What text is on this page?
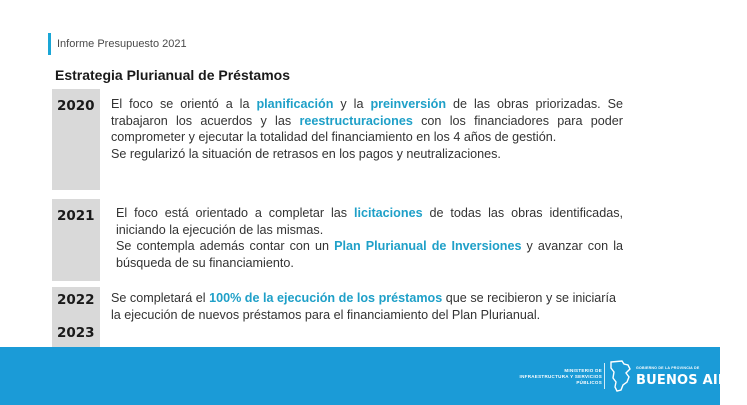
Informe Presupuesto 2021
Estrategia Plurianual de Préstamos
2020
2021
2022
2023
El foco se orientó a la planificación y la preinversión de las obras priorizadas. Se trabajaron los acuerdos y las reestructuraciones con los financiadores para poder comprometer y ejecutar la totalidad del financiamiento en los 4 años de gestión.
Se regularizó la situación de retrasos en los pagos y neutralizaciones.
El foco está orientado a completar las licitaciones de todas las obras identificadas, iniciando la ejecución de las mismas.
Se contempla además contar con un Plan Plurianual de Inversiones y avanzar con la búsqueda de su financiamiento.
Se completará el 100% de la ejecución de los préstamos que se recibieron y se iniciaría la ejecución de nuevos préstamos para el financiamiento del Plan Plurianual.
MINISTERIO DE
INFRAESTRUCTURA Y SERVICIOS PÚBLICOS
GOBIERNO DE LA PROVINCIA DE
BUENOS AIRES
